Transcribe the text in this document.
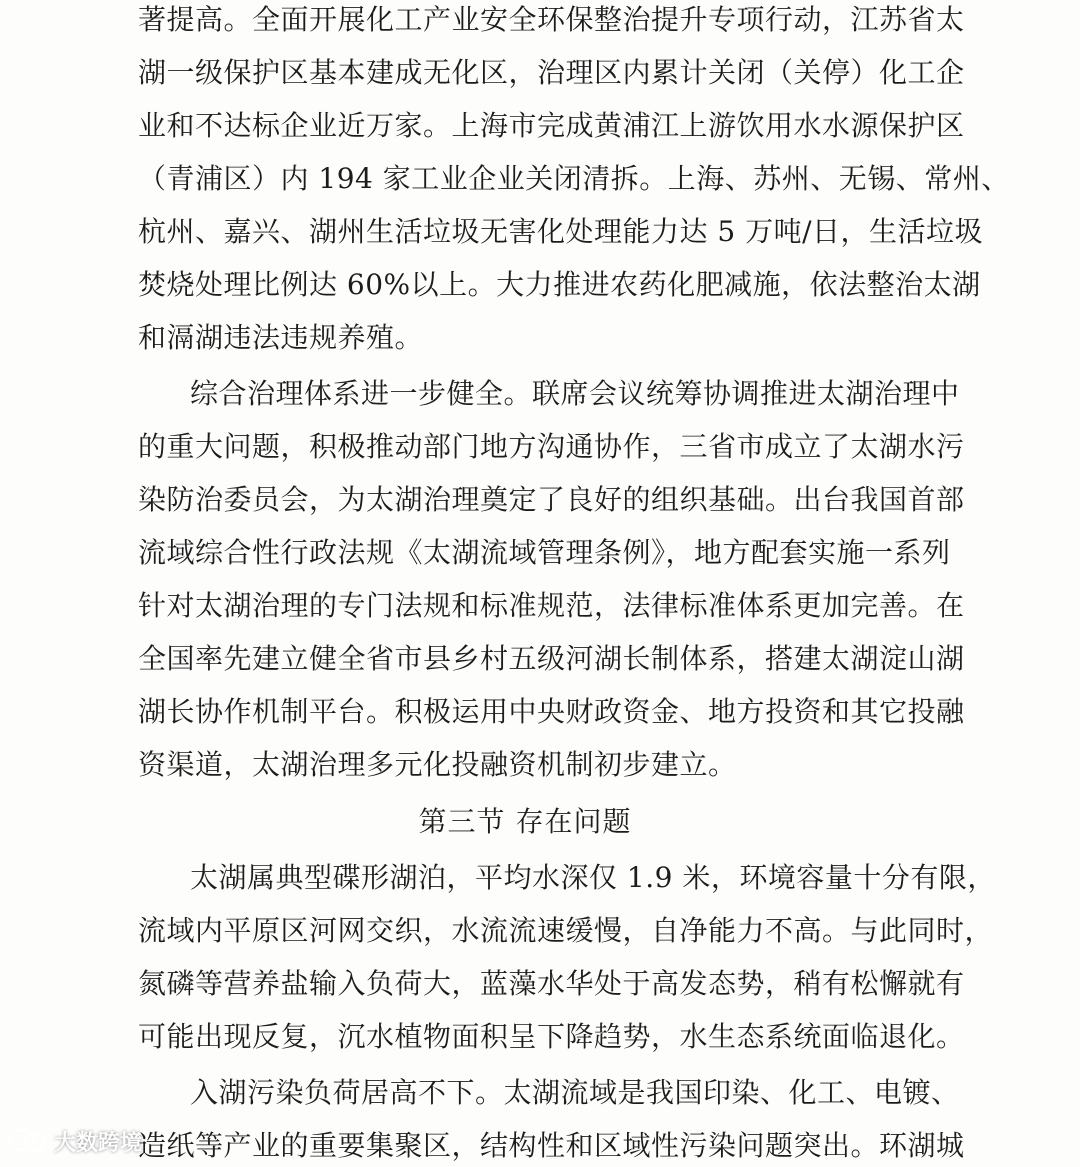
著提高。全面开展化工产业安全环保整治提升专项行动，江苏省太
湖一级保护区基本建成无化区，治理区内累计关闭（关停）化工企
业和不达标企业近万家。上海市完成黄浦江上游饮用水水源保护区
（青浦区）内 194 家工业企业关闭清拆。上海、苏州、无锡、常州、
杭州、嘉兴、湖州生活垃圾无害化处理能力达 5 万吨/日，生活垃圾
焚烧处理比例达 60%以上。大力推进农药化肥减施，依法整治太湖
和滆湖违法违规养殖。
综合治理体系进一步健全。联席会议统筹协调推进太湖治理中
的重大问题，积极推动部门地方沟通协作，三省市成立了太湖水污
染防治委员会，为太湖治理奠定了良好的组织基础。出台我国首部
流域综合性行政法规《太湖流域管理条例》，地方配套实施一系列
针对太湖治理的专门法规和标准规范，法律标准体系更加完善。在
全国率先建立健全省市县乡村五级河湖长制体系，搭建太湖淀山湖
湖长协作机制平台。积极运用中央财政资金、地方投资和其它投融
资渠道，太湖治理多元化投融资机制初步建立。
第三节 存在问题
太湖属典型碟形湖泊，平均水深仅 1.9 米，环境容量十分有限，
流域内平原区河网交织，水流流速缓慢，自净能力不高。与此同时，
氮磷等营养盐输入负荷大，蓝藻水华处于高发态势，稍有松懈就有
可能出现反复，沉水植物面积呈下降趋势，水生态系统面临退化。
入湖污染负荷居高不下。太湖流域是我国印染、化工、电镀、
造纸等产业的重要集聚区，结构性和区域性污染问题突出。环湖城
大数跨境
